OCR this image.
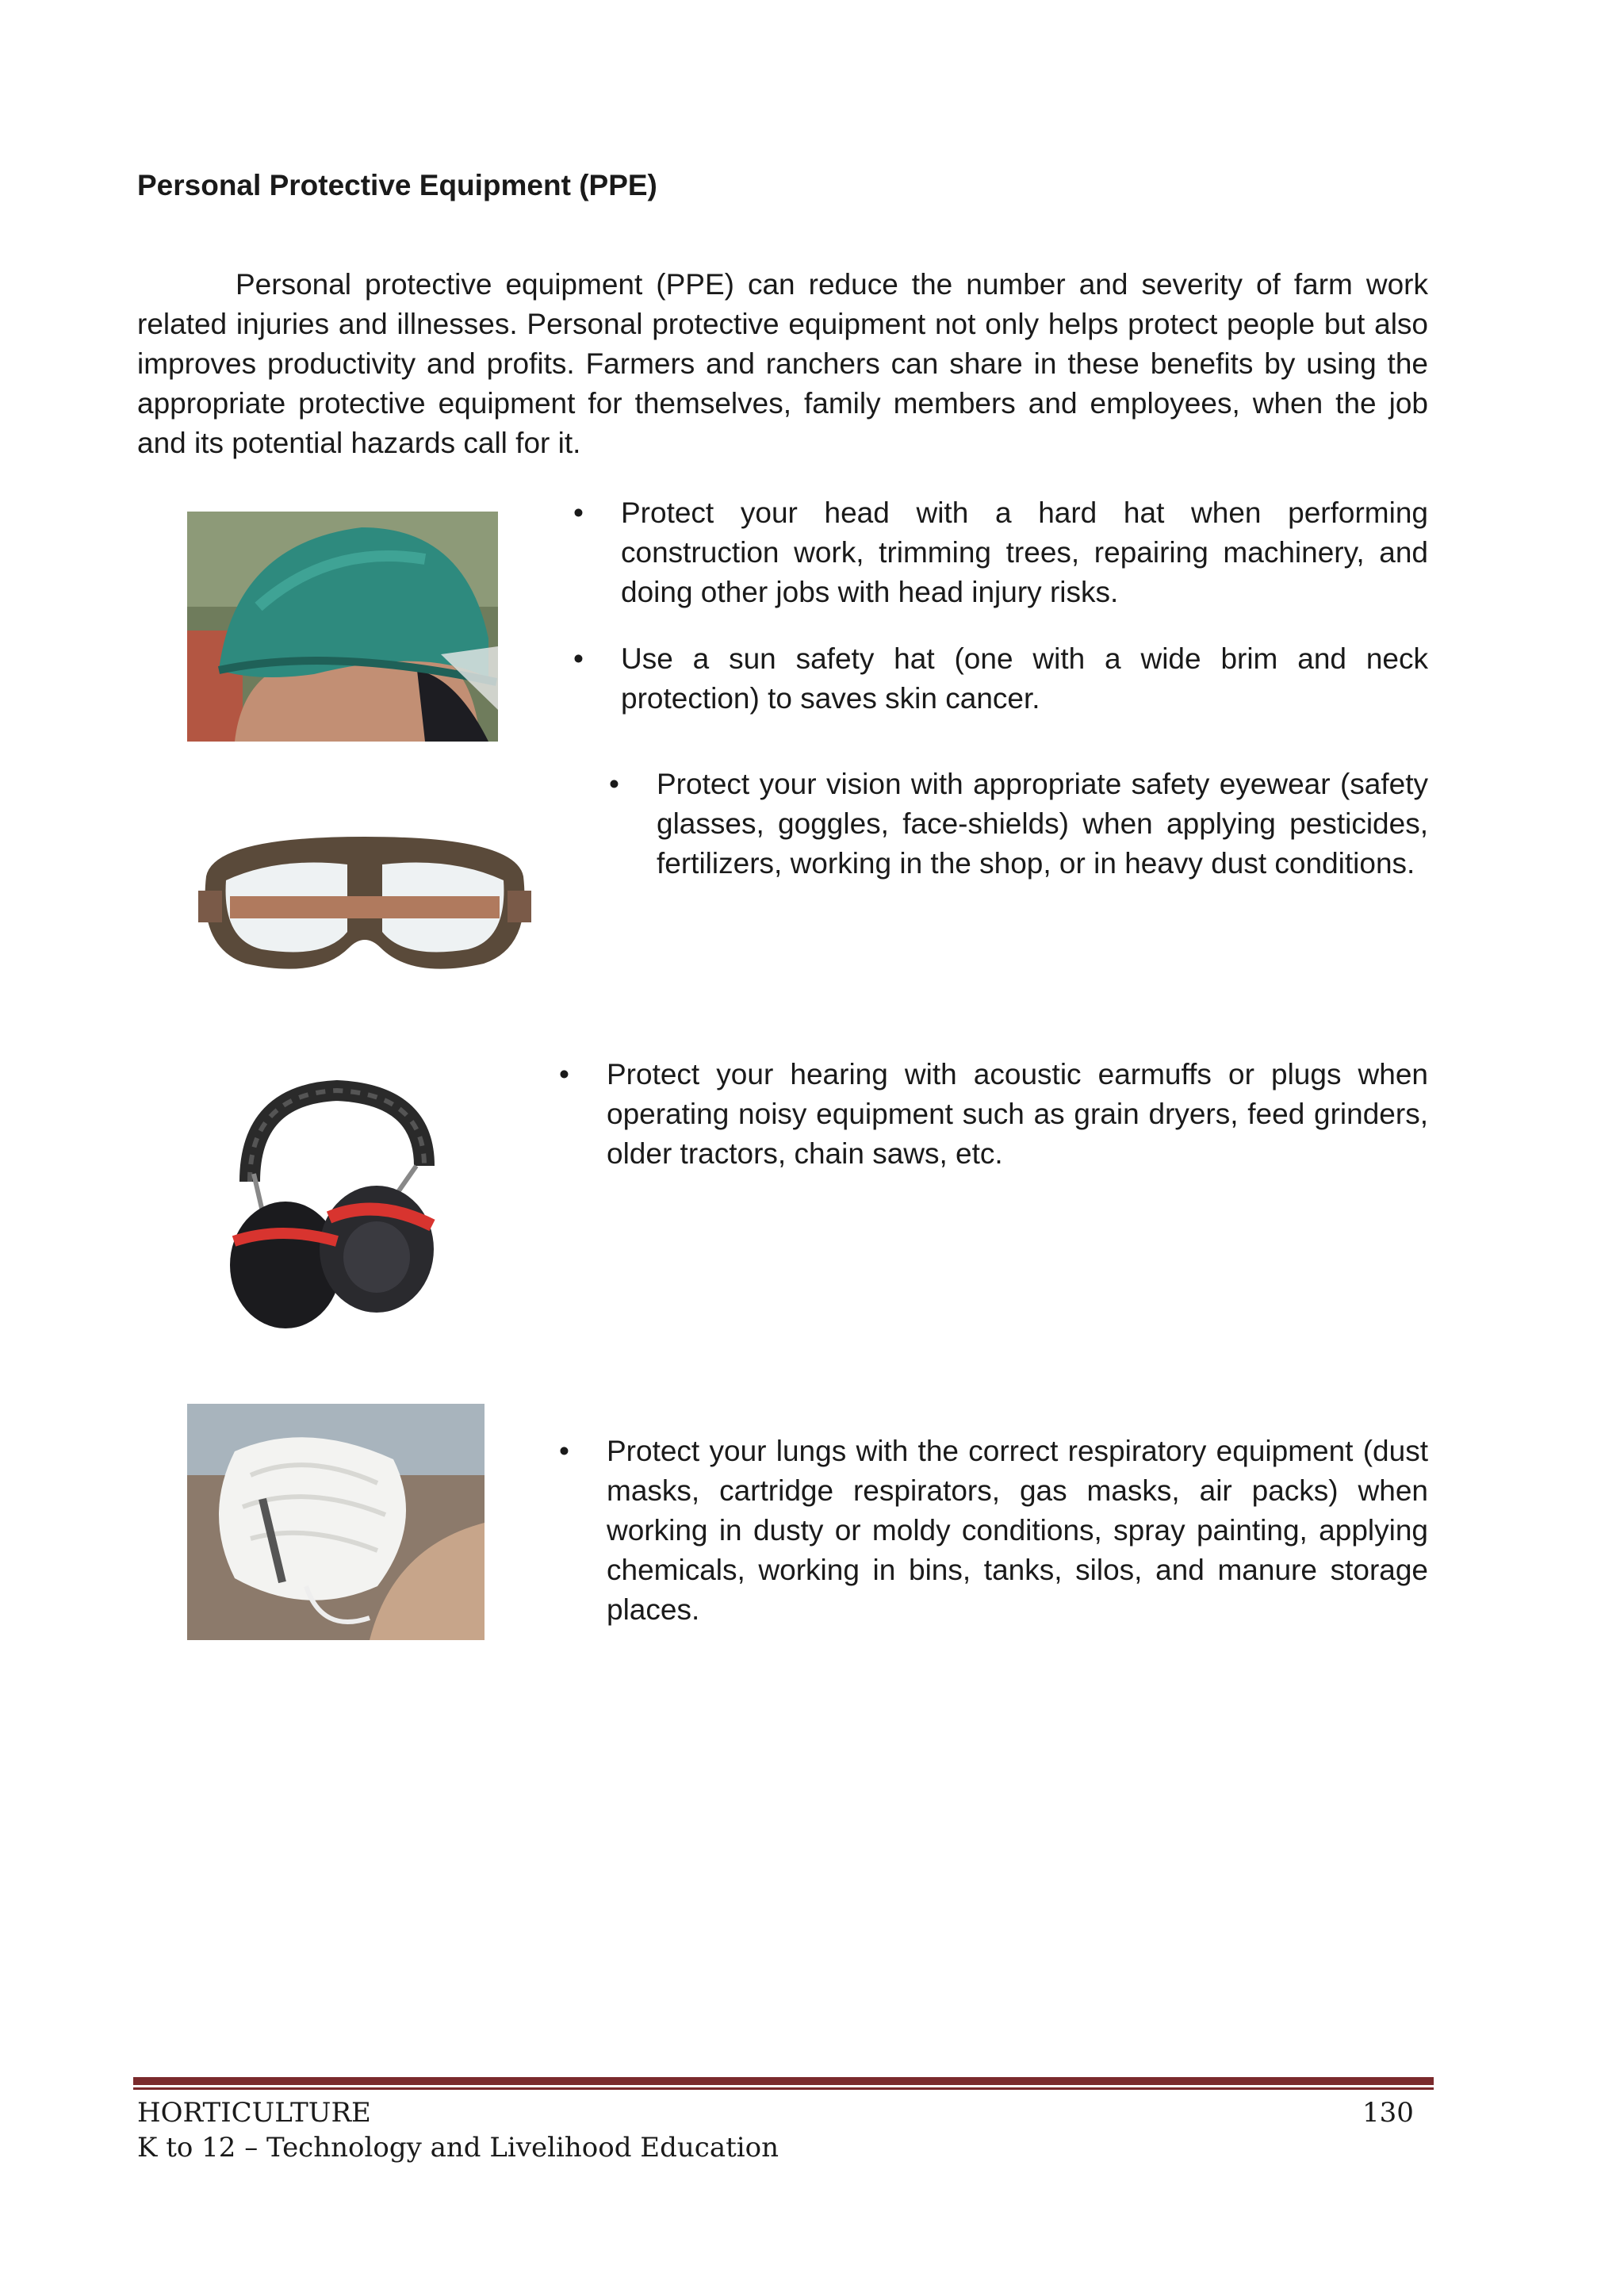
Personal Protective Equipment (PPE)

Personal protective equipment (PPE) can reduce the number and severity of farm work related injuries and illnesses. Personal protective equipment not only helps protect people but also improves productivity and profits. Farmers and ranchers can share in these benefits by using the appropriate protective equipment for themselves, family members and employees, when the job and its potential hazards call for it.

• Protect your head with a hard hat when performing construction work, trimming trees, repairing machinery, and doing other jobs with head injury risks.

• Use a sun safety hat (one with a wide brim and neck protection) to saves skin cancer.

• Protect your vision with appropriate safety eyewear (safety glasses, goggles, face-shields) when applying pesticides, fertilizers, working in the shop, or in heavy dust conditions.

• Protect your hearing with acoustic earmuffs or plugs when operating noisy equipment such as grain dryers, feed grinders, older tractors, chain saws, etc.

• Protect your lungs with the correct respiratory equipment (dust masks, cartridge respirators, gas masks, air packs) when working in dusty or moldy conditions, spray painting, applying chemicals, working in bins, tanks, silos, and manure storage places.

HORTICULTURE
K to 12 – Technology and Livelihood Education
130
